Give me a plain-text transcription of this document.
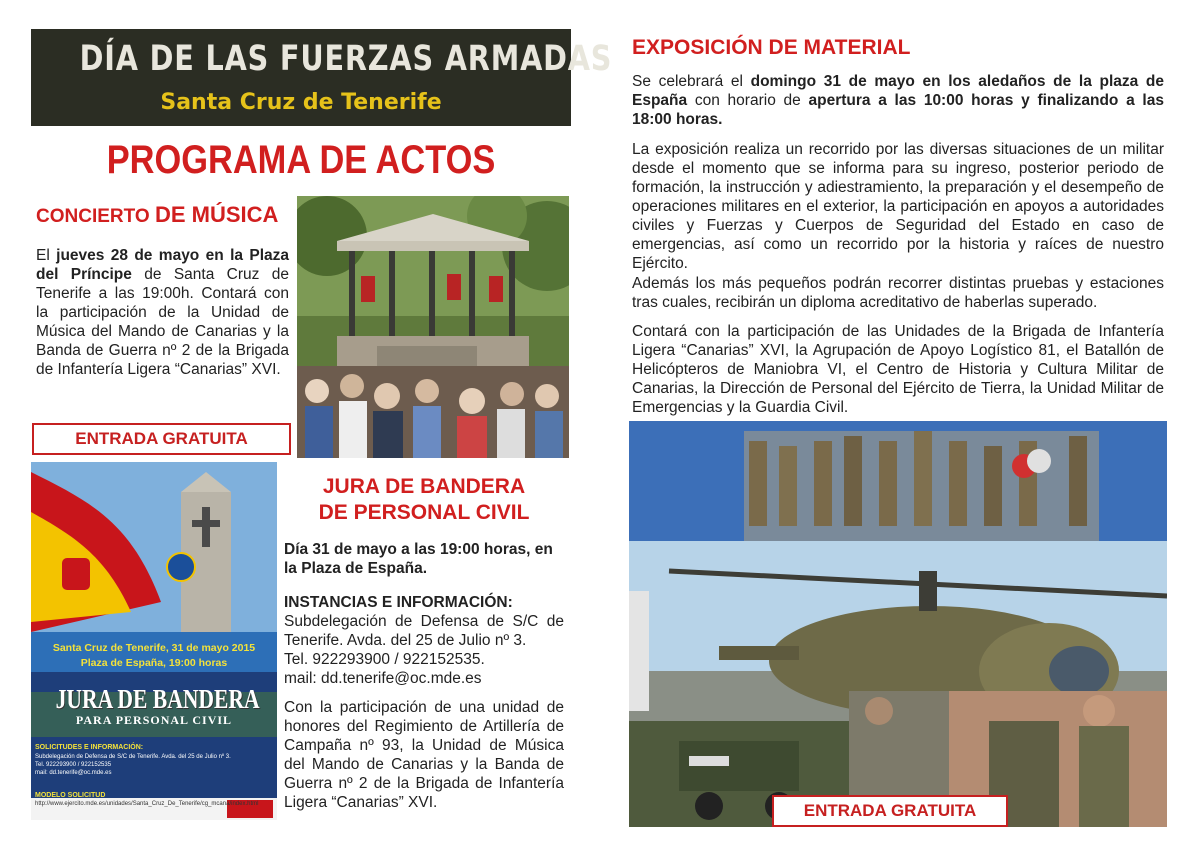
DÍA DE LAS FUERZAS ARMADAS
Santa Cruz de Tenerife
PROGRAMA DE ACTOS
CONCIERTO DE MÚSICA
El jueves 28 de mayo en la Plaza del Príncipe de Santa Cruz de Tenerife a las 19:00h. Contará con la participación de la Unidad de Música del Mando de Canarias y la Banda de Guerra nº 2 de la Brigada de Infantería Ligera “Canarias” XVI.
ENTRADA GRATUITA
Santa Cruz de Tenerife, 31 de mayo 2015
Plaza de España, 19:00 horas
JURA DE BANDERA
PARA PERSONAL CIVIL
SOLICITUDES E INFORMACIÓN:
Subdelegación de Defensa de S/C de Tenerife. Avda. del 25 de Julio nº 3.
Tel. 922293900 / 922152535
mail: dd.tenerife@oc.mde.es
MODELO SOLICITUD
http://www.ejercito.mde.es/unidades/Santa_Cruz_De_Tenerife/cg_mcana/index.html
JURA DE BANDERA
DE PERSONAL CIVIL
Día 31 de mayo a las 19:00 horas, en la Plaza de España.
INSTANCIAS E INFORMACIÓN:
Subdelegación de Defensa de S/C de Tenerife. Avda. del 25 de Julio nº 3.
Tel. 922293900 / 922152535.
mail: dd.tenerife@oc.mde.es
Con la participación de una unidad de honores del Regimiento de Artillería de Campaña nº 93, la Unidad de Música del Mando de Canarias y la Banda de Guerra nº 2 de la Brigada de Infantería Ligera “Canarias” XVI.
EXPOSICIÓN DE MATERIAL
Se celebrará el domingo 31 de mayo en los aledaños de la plaza de España con horario de apertura a las 10:00 horas y finalizando a las 18:00 horas.
La exposición realiza un recorrido por las diversas situaciones de un militar desde el momento que se informa para su ingreso, posterior periodo de formación, la instrucción y adiestramiento, la preparación y el desempeño de operaciones militares en el exterior, la participación en apoyos a autoridades civiles y Fuerzas y Cuerpos de Seguridad del Estado en caso de emergencias, así como un recorrido por la historia y raíces de nuestro Ejército.
Además los más pequeños podrán recorrer distintas pruebas y estaciones tras cuales, recibirán un diploma acreditativo de haberlas superado.
Contará con la participación de las Unidades de la Brigada de Infantería Ligera “Canarias” XVI, la Agrupación de Apoyo Logístico 81, el Batallón de Helicópteros de Maniobra VI, el Centro de Historia y Cultura Militar de Canarias, la Dirección de Personal del Ejército de Tierra, la Unidad Militar de Emergencias y la Guardia Civil.
ENTRADA GRATUITA
